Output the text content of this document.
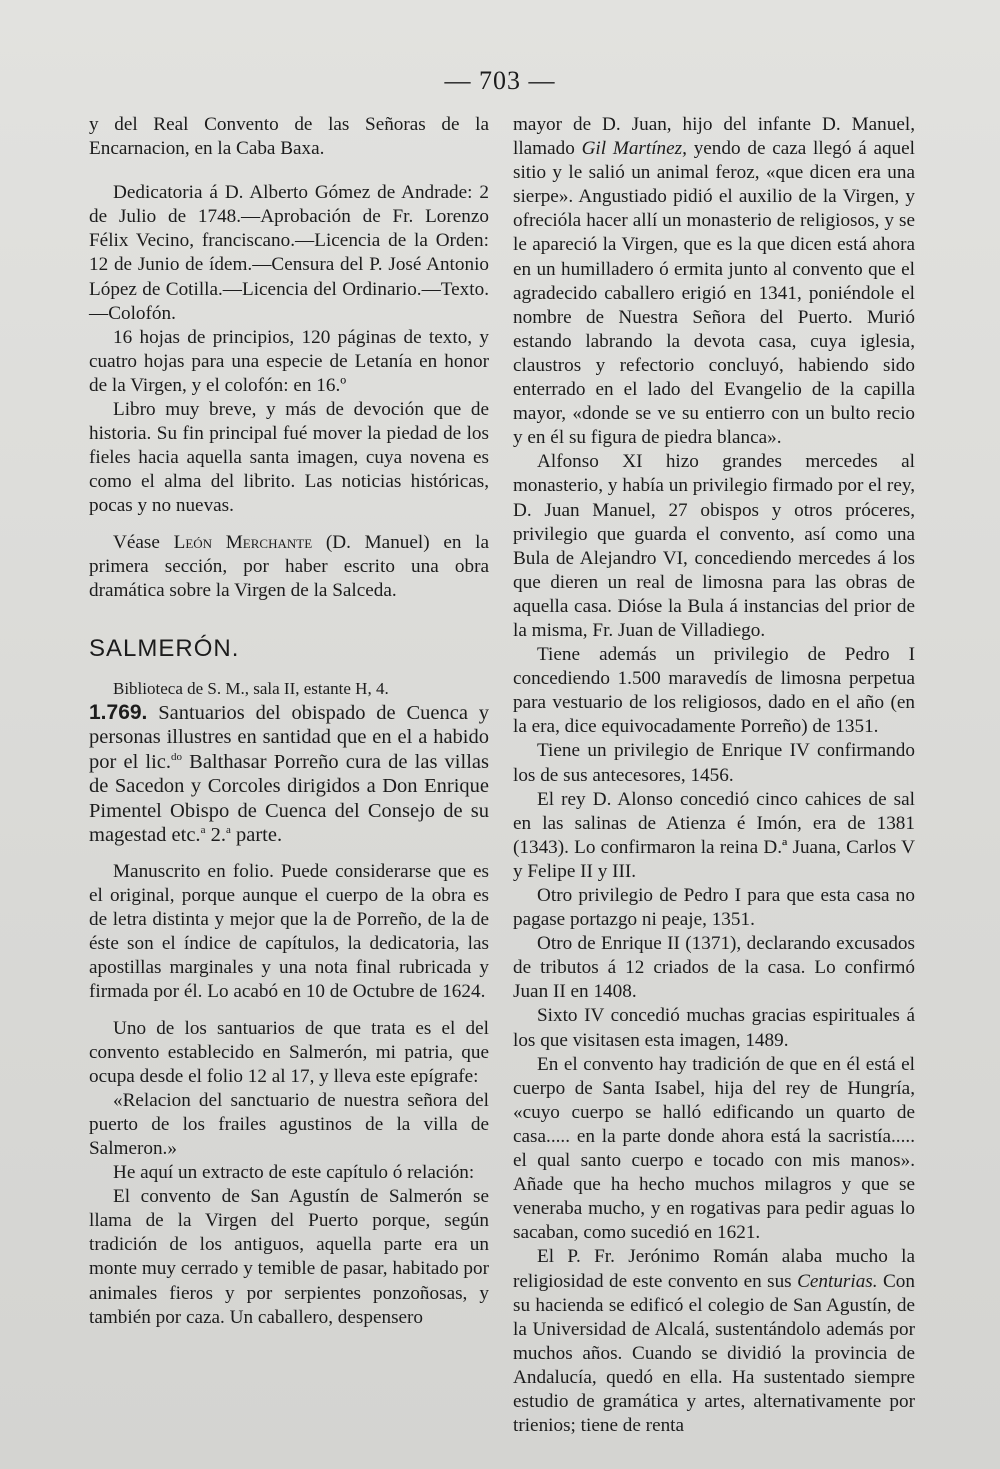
— 703 —

y del Real Convento de las Señoras de la Encarnacion, en la Caba Baxa.

Dedicatoria á D. Alberto Gómez de Andrade: 2 de Julio de 1748.—Aprobación de Fr. Lorenzo Félix Vecino, franciscano.—Licencia de la Orden: 12 de Junio de ídem.—Censura del P. José Antonio López de Cotilla.—Licencia del Ordinario.—Texto.—Colofón.

16 hojas de principios, 120 páginas de texto, y cuatro hojas para una especie de Letanía en honor de la Virgen, y el colofón: en 16.º

Libro muy breve, y más de devoción que de historia. Su fin principal fué mover la piedad de los fieles hacia aquella santa imagen, cuya novena es como el alma del librito. Las noticias históricas, pocas y no nuevas.

Véase León Merchante (D. Manuel) en la primera sección, por haber escrito una obra dramática sobre la Virgen de la Salceda.

SALMERÓN.

Biblioteca de S. M., sala II, estante H, 4.

1.769. Santuarios del obispado de Cuenca y personas illustres en santidad que en el a habido por el lic.$^{do}$ Balthasar Porreño cura de las villas de Sacedon y Corcoles dirigidos a Don Enrique Pimentel Obispo de Cuenca del Consejo de su magestad etc.$^a$ 2.$^a$ parte.

Manuscrito en folio. Puede considerarse que es el original, porque aunque el cuerpo de la obra es de letra distinta y mejor que la de Porreño, de la de éste son el índice de capítulos, la dedicatoria, las apostillas marginales y una nota final rubricada y firmada por él. Lo acabó en 10 de Octubre de 1624.

Uno de los santuarios de que trata es el del convento establecido en Salmerón, mi patria, que ocupa desde el folio 12 al 17, y lleva este epígrafe:

«Relacion del sanctuario de nuestra señora del puerto de los frailes agustinos de la villa de Salmeron.»

He aquí un extracto de este capítulo ó relación:

El convento de San Agustín de Salmerón se llama de la Virgen del Puerto porque, según tradición de los antiguos, aquella parte era un monte muy cerrado y temible de pasar, habitado por animales fieros y por serpientes ponzoñosas, y también por caza. Un caballero, despensero

mayor de D. Juan, hijo del infante D. Manuel, llamado Gil Martínez, yendo de caza llegó á aquel sitio y le salió un animal feroz, «que dicen era una sierpe». Angustiado pidió el auxilio de la Virgen, y ofrecióla hacer allí un monasterio de religiosos, y se le apareció la Virgen, que es la que dicen está ahora en un humilladero ó ermita junto al convento que el agradecido caballero erigió en 1341, poniéndole el nombre de Nuestra Señora del Puerto. Murió estando labrando la devota casa, cuya iglesia, claustros y refectorio concluyó, habiendo sido enterrado en el lado del Evangelio de la capilla mayor, «donde se ve su entierro con un bulto recio y en él su figura de piedra blanca».

Alfonso XI hizo grandes mercedes al monasterio, y había un privilegio firmado por el rey, D. Juan Manuel, 27 obispos y otros próceres, privilegio que guarda el convento, así como una Bula de Alejandro VI, concediendo mercedes á los que dieren un real de limosna para las obras de aquella casa. Dióse la Bula á instancias del prior de la misma, Fr. Juan de Villadiego.

Tiene además un privilegio de Pedro I concediendo 1.500 maravedís de limosna perpetua para vestuario de los religiosos, dado en el año (en la era, dice equivocadamente Porreño) de 1351.

Tiene un privilegio de Enrique IV confirmando los de sus antecesores, 1456.

El rey D. Alonso concedió cinco cahices de sal en las salinas de Atienza é Imón, era de 1381 (1343). Lo confirmaron la reina D.ª Juana, Carlos V y Felipe II y III.

Otro privilegio de Pedro I para que esta casa no pagase portazgo ni peaje, 1351.

Otro de Enrique II (1371), declarando excusados de tributos á 12 criados de la casa. Lo confirmó Juan II en 1408.

Sixto IV concedió muchas gracias espirituales á los que visitasen esta imagen, 1489.

En el convento hay tradición de que en él está el cuerpo de Santa Isabel, hija del rey de Hungría, «cuyo cuerpo se halló edificando un quarto de casa..... en la parte donde ahora está la sacristía..... el qual santo cuerpo e tocado con mis manos». Añade que ha hecho muchos milagros y que se veneraba mucho, y en rogativas para pedir aguas lo sacaban, como sucedió en 1621.

El P. Fr. Jerónimo Román alaba mucho la religiosidad de este convento en sus Centurias. Con su hacienda se edificó el colegio de San Agustín, de la Universidad de Alcalá, sustentándolo además por muchos años. Cuando se dividió la provincia de Andalucía, quedó en ella. Ha sustentado siempre estudio de gramática y artes, alternativamente por trienios; tiene de renta
